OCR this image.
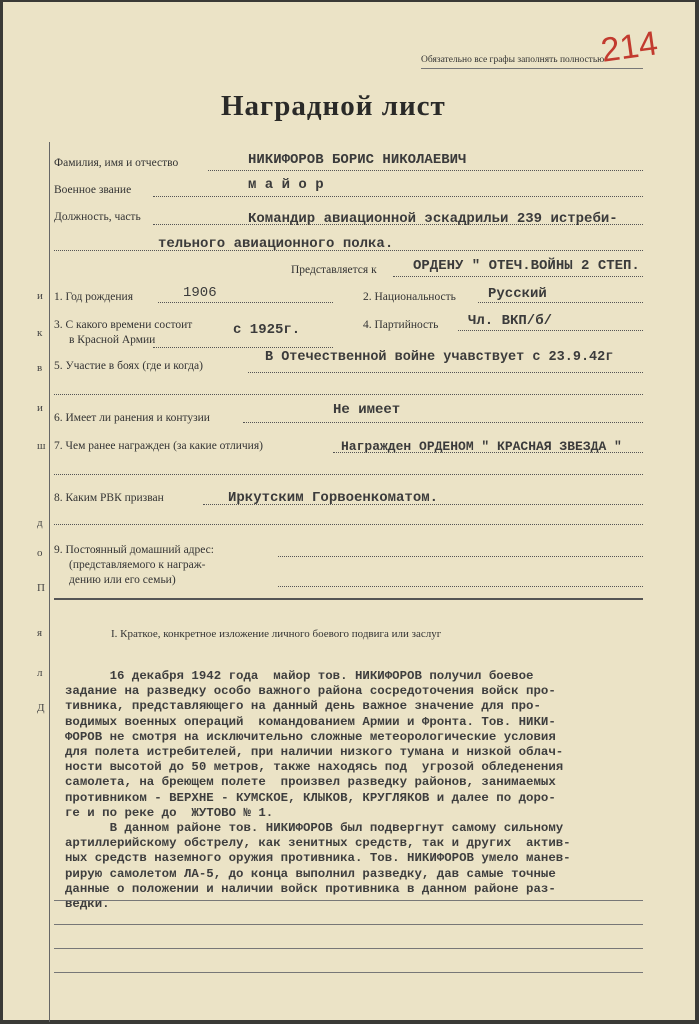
Обязательно все графы заполнять полностью
214
Наградной лист
Д
л
я
П
о
д
ш
и
в
к
и
Фамилия, имя и отчество	НИКИФОРОВ БОРИС НИКОЛАЕВИЧ
Военное звание	м а й о р
Должность, часть	Командир авиационной эскадрильи 239 истреби-
тельного авиационного полка.
Представляется к	ОРДЕНУ " ОТЕЧ.ВОЙНЫ 2 СТЕП.
1. Год рождения	1906	2. Национальность Русский
3. С какого времени состоит
в Красной Армии
с 1925г.	4. Партийность Чл. ВКП/б/
5. Участие в боях (где и когда)
В Отечественной войне учавствует с 23.9.42г
6. Имеет ли ранения и контузии	Не имеет
7. Чем ранее награжден (за какие отличия)	Награжден ОРДЕНОМ " КРАСНАЯ ЗВЕЗДА "
8. Каким РВК призван	Иркутским Горвоенкоматом.
9. Постоянный домашний адрес:
(представляемого к награж-
дению или его семьи)
I. Краткое, конкретное изложение личного боевого подвига или заслуг
16 декабря 1942 года  майор тов. НИКИФОРОВ получил боевое
задание на разведку особо важного района сосредоточения войск про-
тивника, представляющего на данный день важное значение для про-
водимых военных операций  командованием Армии и Фронта. Тов. НИКИ-
ФОРОВ не смотря на исключительно сложные метеорологические условия
для полета истребителей, при наличии низкого тумана и низкой облач-
ности высотой до 50 метров, также находясь под  угрозой обледенения
самолета, на бреющем полете  произвел разведку районов, занимаемых
противником - ВЕРХНЕ - КУМСКОЕ, КЛЫКОВ, КРУГЛЯКОВ и далее по доро-
ге и по реке до  ЖУТОВО № 1.
В данном районе тов. НИКИФОРОВ был подвергнут самому сильному
артиллерийскому обстрелу, как зенитных средств, так и других  актив-
ных средств наземного оружия противника. Тов. НИКИФОРОВ умело манев-
рирую самолетом ЛА-5, до конца выполнил разведку, дав самые точные
данные о положении и наличии войск противника в данном районе раз-
ведки.
